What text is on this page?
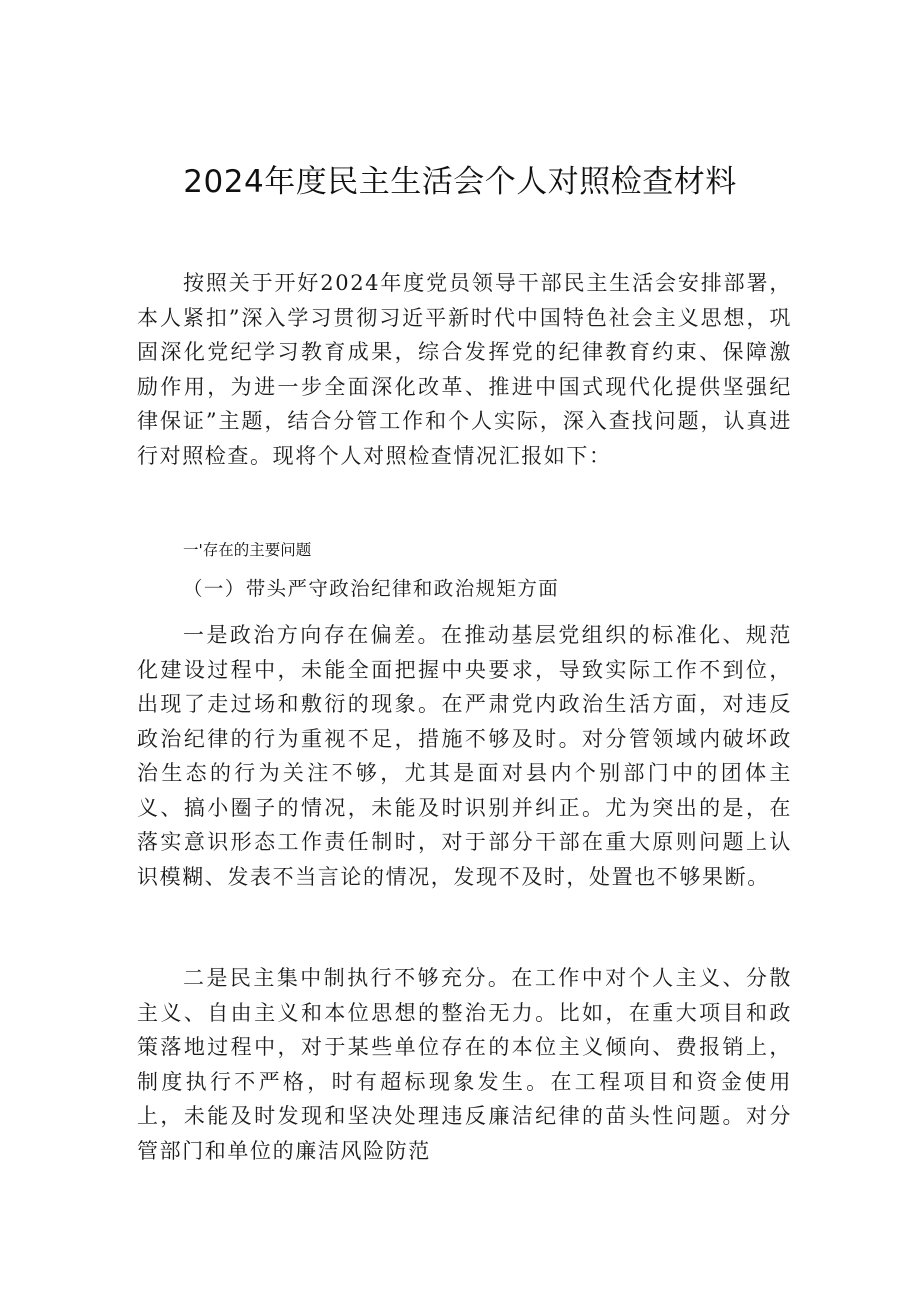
2024年度民主生活会个人对照检查材料
按照关于开好2024年度党员领导干部民主生活会安排部署，本人紧扣”深入学习贯彻习近平新时代中国特色社会主义思想，巩固深化党纪学习教育成果，综合发挥党的纪律教育约束、保障激励作用，为进一步全面深化改革、推进中国式现代化提供坚强纪律保证”主题，结合分管工作和个人实际，深入查找问题，认真进行对照检查。现将个人对照检查情况汇报如下：
一'存在的主要问题
（一）带头严守政治纪律和政治规矩方面
一是政治方向存在偏差。在推动基层党组织的标准化、规范化建设过程中，未能全面把握中央要求，导致实际工作不到位，出现了走过场和敷衍的现象。在严肃党内政治生活方面，对违反政治纪律的行为重视不足，措施不够及时。对分管领域内破坏政治生态的行为关注不够，尤其是面对县内个别部门中的团体主义、搞小圈子的情况，未能及时识别并纠正。尤为突出的是，在落实意识形态工作责任制时，对于部分干部在重大原则问题上认识模糊、发表不当言论的情况，发现不及时，处置也不够果断。
二是民主集中制执行不够充分。在工作中对个人主义、分散主义、自由主义和本位思想的整治无力。比如，在重大项目和政策落地过程中，对于某些单位存在的本位主义倾向、费报销上，制度执行不严格，时有超标现象发生。在工程项目和资金使用上，未能及时发现和坚决处理违反廉洁纪律的苗头性问题。对分管部门和单位的廉洁风险防范
